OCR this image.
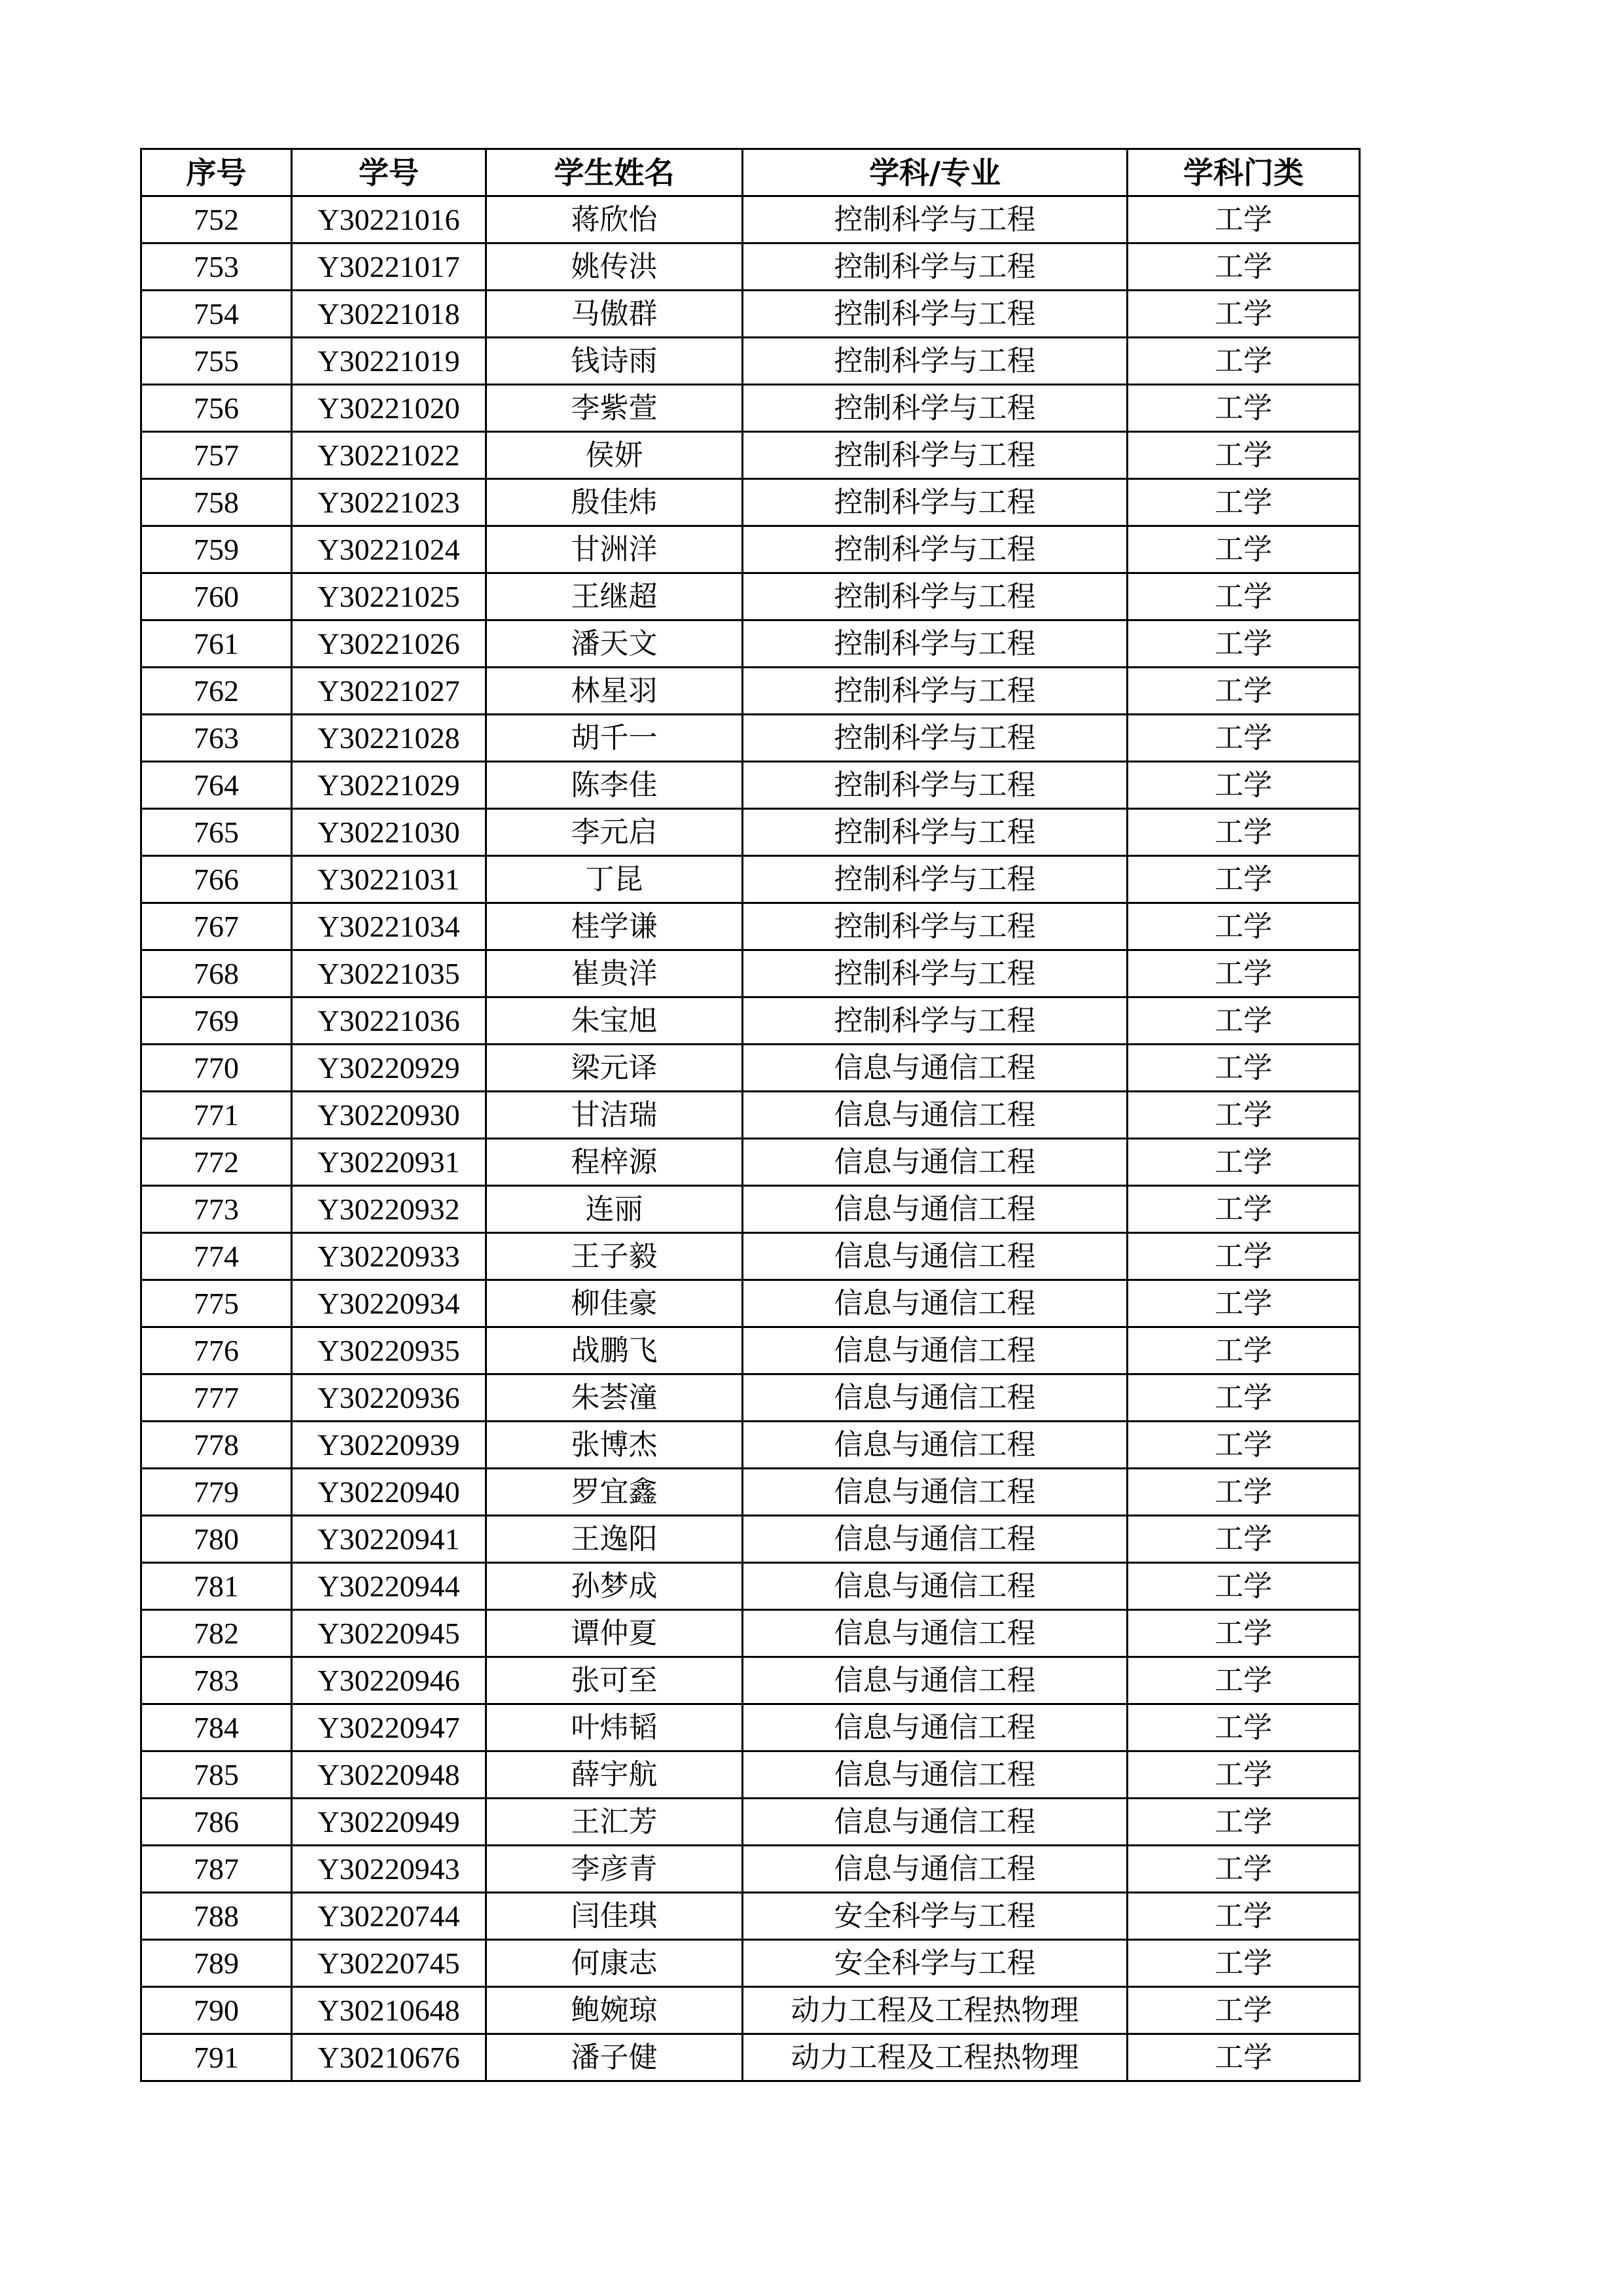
序号	学号	学生姓名	学科/专业	学科门类
752	Y30221016	蒋欣怡	控制科学与工程	工学
753	Y30221017	姚传洪	控制科学与工程	工学
754	Y30221018	马傲群	控制科学与工程	工学
755	Y30221019	钱诗雨	控制科学与工程	工学
756	Y30221020	李紫萱	控制科学与工程	工学
757	Y30221022	侯妍	控制科学与工程	工学
758	Y30221023	殷佳炜	控制科学与工程	工学
759	Y30221024	甘洲洋	控制科学与工程	工学
760	Y30221025	王继超	控制科学与工程	工学
761	Y30221026	潘天文	控制科学与工程	工学
762	Y30221027	林星羽	控制科学与工程	工学
763	Y30221028	胡千一	控制科学与工程	工学
764	Y30221029	陈李佳	控制科学与工程	工学
765	Y30221030	李元启	控制科学与工程	工学
766	Y30221031	丁昆	控制科学与工程	工学
767	Y30221034	桂学谦	控制科学与工程	工学
768	Y30221035	崔贵洋	控制科学与工程	工学
769	Y30221036	朱宝旭	控制科学与工程	工学
770	Y30220929	梁元译	信息与通信工程	工学
771	Y30220930	甘洁瑞	信息与通信工程	工学
772	Y30220931	程梓源	信息与通信工程	工学
773	Y30220932	连丽	信息与通信工程	工学
774	Y30220933	王子毅	信息与通信工程	工学
775	Y30220934	柳佳豪	信息与通信工程	工学
776	Y30220935	战鹏飞	信息与通信工程	工学
777	Y30220936	朱荟潼	信息与通信工程	工学
778	Y30220939	张博杰	信息与通信工程	工学
779	Y30220940	罗宜鑫	信息与通信工程	工学
780	Y30220941	王逸阳	信息与通信工程	工学
781	Y30220944	孙梦成	信息与通信工程	工学
782	Y30220945	谭仲夏	信息与通信工程	工学
783	Y30220946	张可至	信息与通信工程	工学
784	Y30220947	叶炜韬	信息与通信工程	工学
785	Y30220948	薛宇航	信息与通信工程	工学
786	Y30220949	王汇芳	信息与通信工程	工学
787	Y30220943	李彦青	信息与通信工程	工学
788	Y30220744	闫佳琪	安全科学与工程	工学
789	Y30220745	何康志	安全科学与工程	工学
790	Y30210648	鲍婉琼	动力工程及工程热物理	工学
791	Y30210676	潘子健	动力工程及工程热物理	工学
